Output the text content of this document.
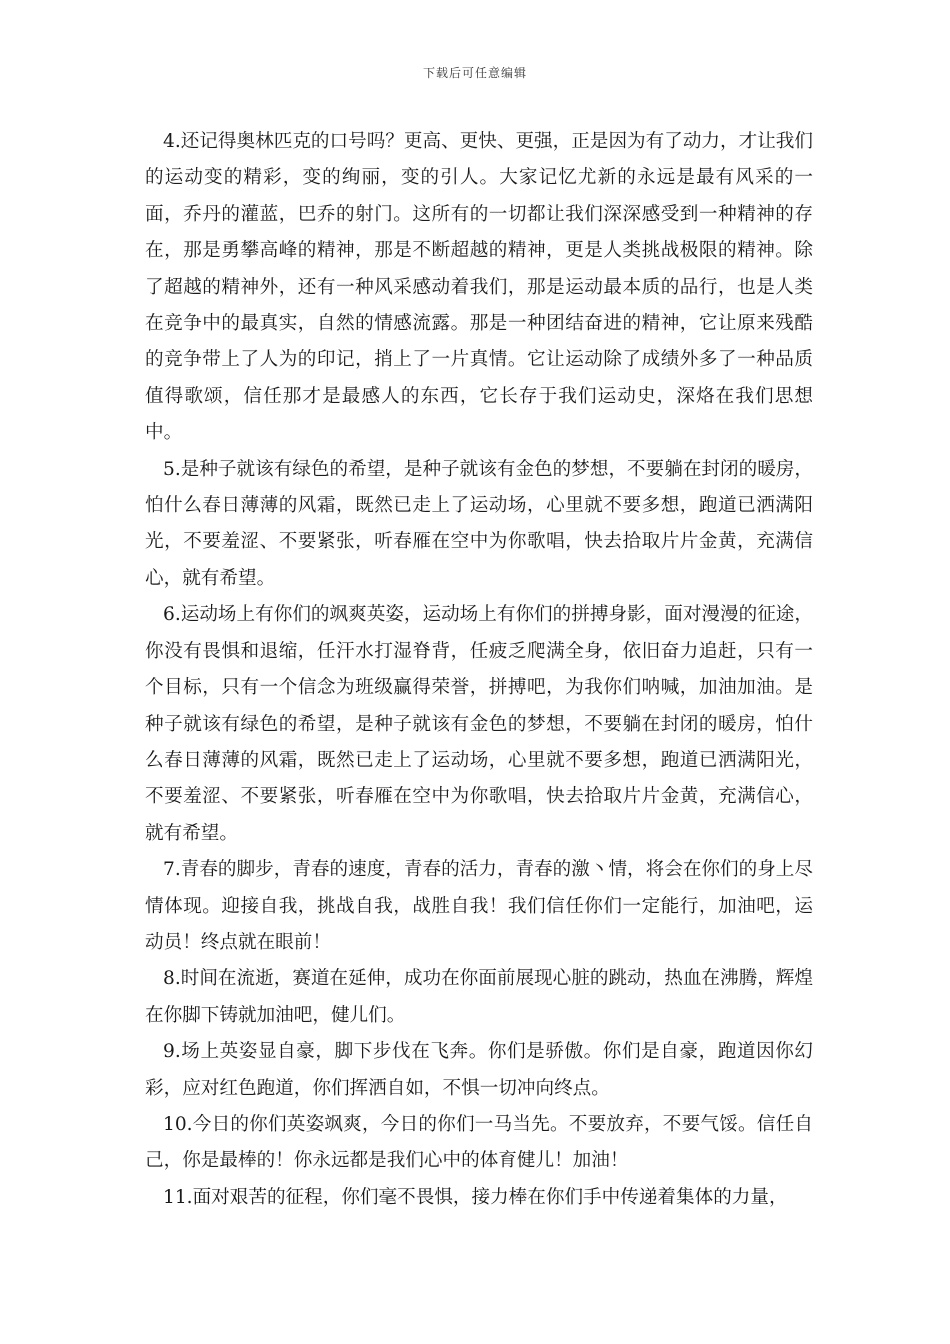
下载后可任意编辑

4.还记得奥林匹克的口号吗？更高、更快、更强，正是因为有了动力，才让我们的运动变的精彩，变的绚丽，变的引人。大家记忆尤新的永远是最有风采的一面，乔丹的灌蓝，巴乔的射门。这所有的一切都让我们深深感受到一种精神的存在，那是勇攀高峰的精神，那是不断超越的精神，更是人类挑战极限的精神。除了超越的精神外，还有一种风采感动着我们，那是运动最本质的品行，也是人类在竞争中的最真实，自然的情感流露。那是一种团结奋进的精神，它让原来残酷的竞争带上了人为的印记，捎上了一片真情。它让运动除了成绩外多了一种品质值得歌颂，信任那才是最感人的东西，它长存于我们运动史，深烙在我们思想中。

5.是种子就该有绿色的希望，是种子就该有金色的梦想，不要躺在封闭的暖房，怕什么春日薄薄的风霜，既然已走上了运动场，心里就不要多想，跑道已洒满阳光，不要羞涩、不要紧张，听春雁在空中为你歌唱，快去拾取片片金黄，充满信心，就有希望。

6.运动场上有你们的飒爽英姿，运动场上有你们的拼搏身影，面对漫漫的征途，你没有畏惧和退缩，任汗水打湿脊背，任疲乏爬满全身，依旧奋力追赶，只有一个目标，只有一个信念为班级赢得荣誉，拼搏吧，为我你们呐喊，加油加油。是种子就该有绿色的希望，是种子就该有金色的梦想，不要躺在封闭的暖房，怕什么春日薄薄的风霜，既然已走上了运动场，心里就不要多想，跑道已洒满阳光，不要羞涩、不要紧张，听春雁在空中为你歌唱，快去拾取片片金黄，充满信心，就有希望。

7.青春的脚步，青春的速度，青春的活力，青春的激丶情，将会在你们的身上尽情体现。迎接自我，挑战自我，战胜自我！我们信任你们一定能行，加油吧，运动员！终点就在眼前！

8.时间在流逝，赛道在延伸，成功在你面前展现心脏的跳动，热血在沸腾，辉煌在你脚下铸就加油吧，健儿们。

9.场上英姿显自豪，脚下步伐在飞奔。你们是骄傲。你们是自豪，跑道因你幻彩，应对红色跑道，你们挥洒自如，不惧一切冲向终点。

10.今日的你们英姿飒爽，今日的你们一马当先。不要放弃，不要气馁。信任自己，你是最棒的！你永远都是我们心中的体育健儿！加油！

11.面对艰苦的征程，你们毫不畏惧，接力棒在你们手中传递着集体的力量，
